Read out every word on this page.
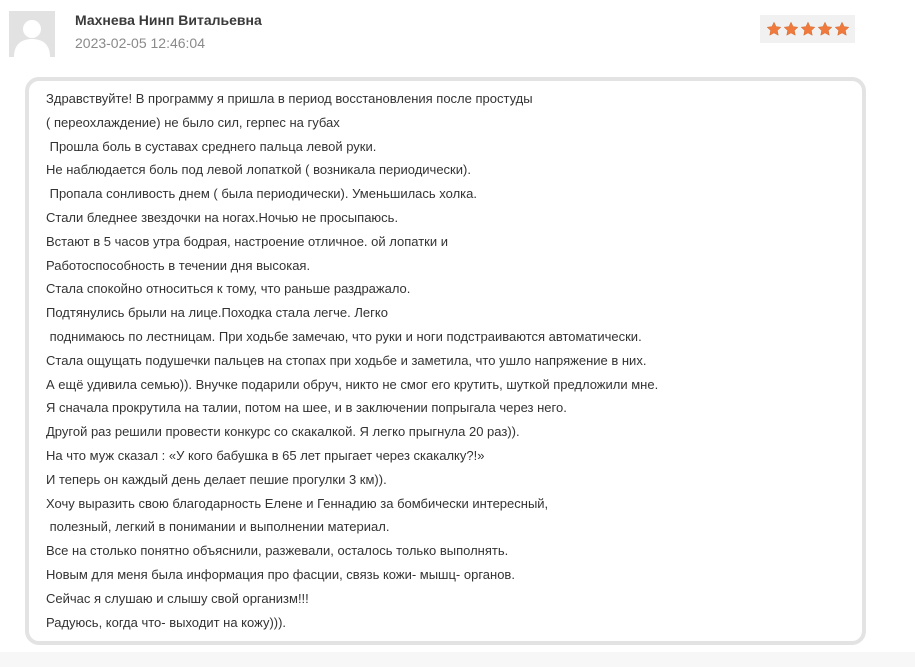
Махнева Нинп Витальевна
2023-02-05 12:46:04
Здравствуйте! В программу я пришла в период восстановления после простуды
( переохлаждение) не было сил, герпес на губах
Прошла боль в суставах среднего пальца левой руки.
Не наблюдается боль под левой лопаткой ( возникала периодически).
Пропала сонливость днем ( была периодически). Уменьшилась холка.
Стали бледнее звездочки на ногах.Ночью не просыпаюсь.
Встают в 5 часов утра бодрая, настроение отличное. ой лопатки и
Работоспособность в течении дня высокая.
Стала спокойно относиться к тому, что раньше раздражало.
Подтянулись брыли на лице.Походка стала легче. Легко
поднимаюсь по лестницам. При ходьбе замечаю, что руки и ноги подстраиваются автоматически.
Стала ощущать подушечки пальцев на стопах при ходьбе и заметила, что ушло напряжение в них.
А ещё удивила семью)). Внучке подарили обруч, никто не смог его крутить, шуткой предложили мне.
Я сначала прокрутила на талии, потом на шее, и в заключении попрыгала через него.
Другой раз решили провести конкурс со скакалкой. Я легко прыгнула 20 раз)).
На что муж сказал : «У кого бабушка в 65 лет прыгает через скакалку?!»
И теперь он каждый день делает пешие прогулки 3 км)).
Хочу выразить свою благодарность Елене и Геннадию за бомбически интересный,
полезный, легкий в понимании и выполнении материал.
Все на столько понятно объяснили, разжевали, осталось только выполнять.
Новым для меня была информация про фасции, связь кожи- мышц- органов.
Сейчас я слушаю и слышу свой организм!!!
Радуюсь, когда что- выходит на кожу))).
